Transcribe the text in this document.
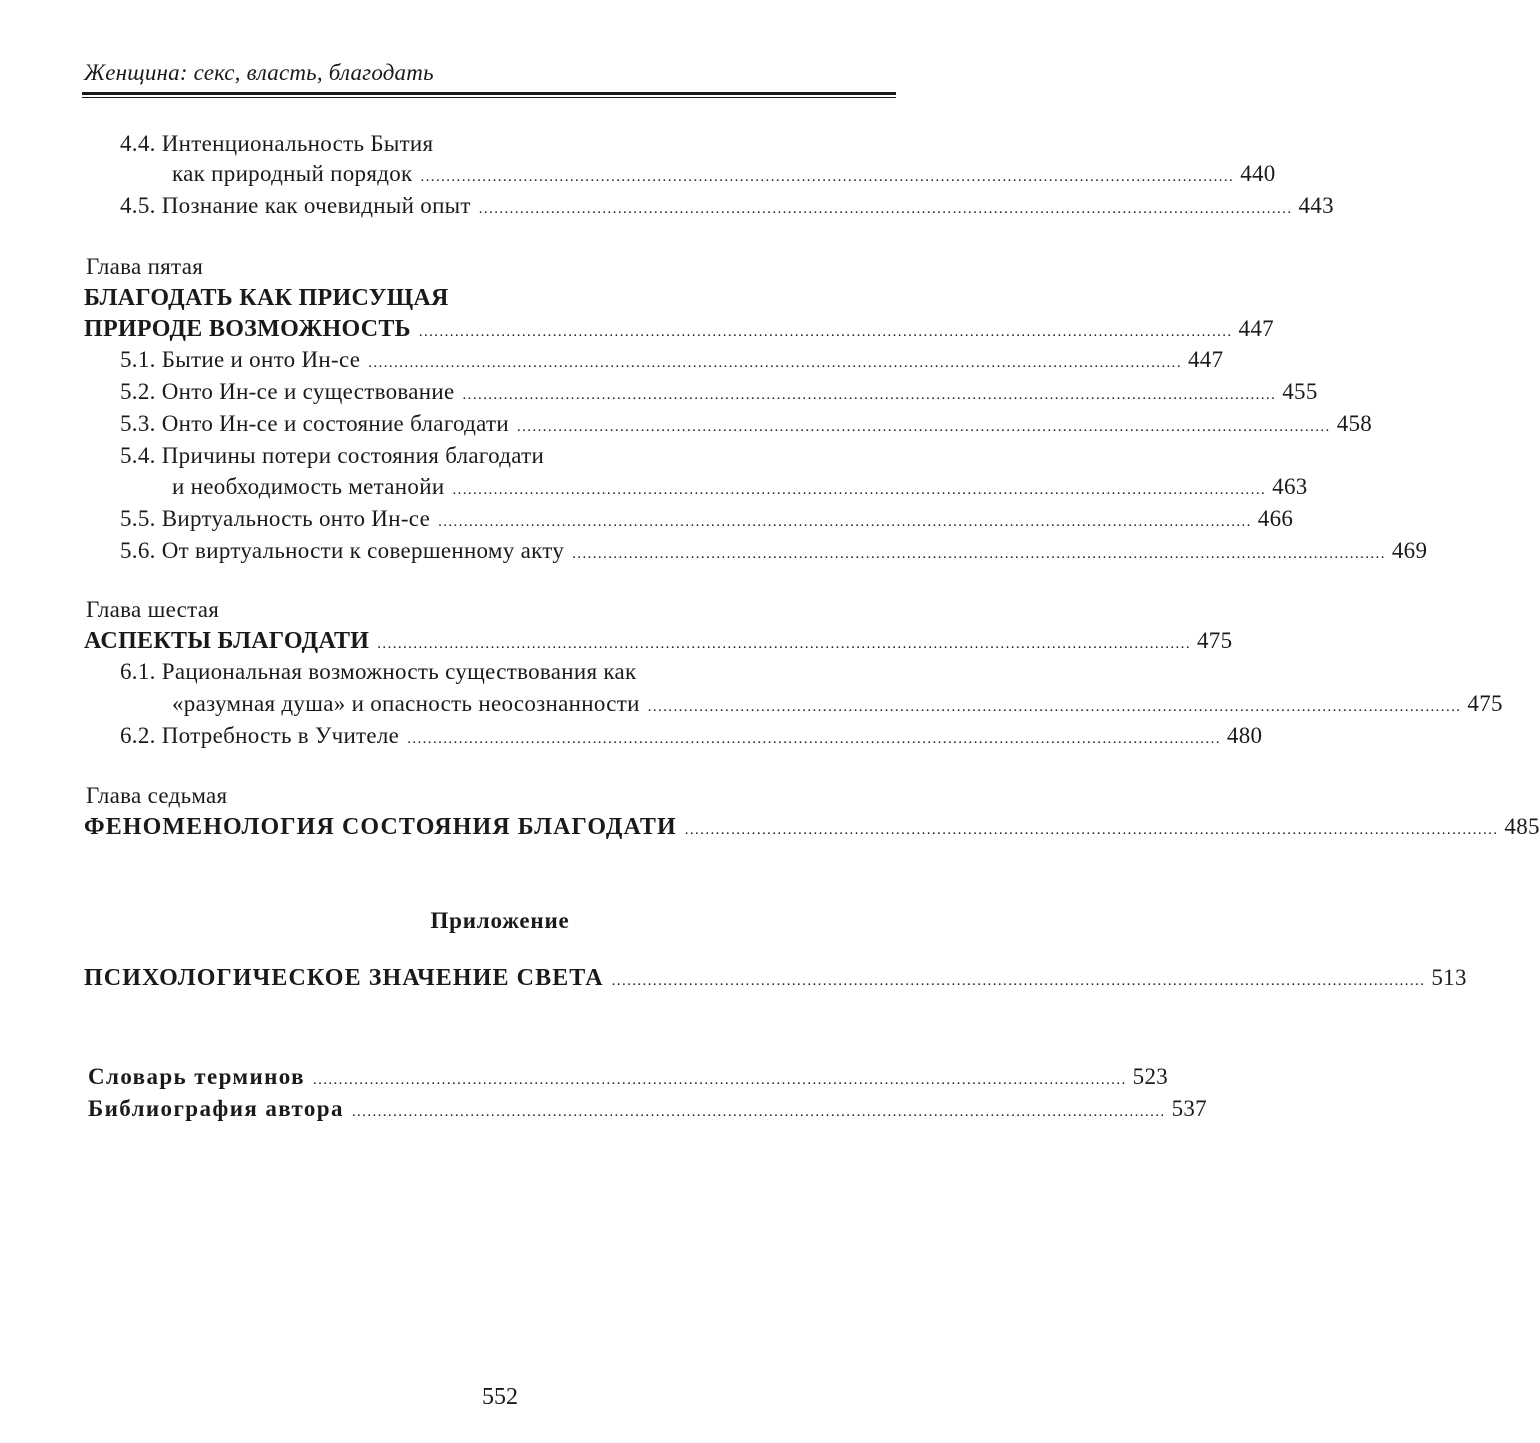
Женщина: секс, власть, благодать
4.4. Интенциональность Бытия
как природный порядок .............................................................................................................................................................. 440
4.5. Познание как очевидный опыт .............................................................................................................................................................. 443
Глава пятая
БЛАГОДАТЬ КАК ПРИСУЩАЯ
ПРИРОДЕ ВОЗМОЖНОСТЬ .............................................................................................................................................................. 447
5.1. Бытие и онто Ин-се .............................................................................................................................................................. 447
5.2. Онто Ин-се и существование .............................................................................................................................................................. 455
5.3. Онто Ин-се и состояние благодати .............................................................................................................................................................. 458
5.4. Причины потери состояния благодати
и необходимость метанойи .............................................................................................................................................................. 463
5.5. Виртуальность онто Ин-се .............................................................................................................................................................. 466
5.6. От виртуальности к совершенному акту .............................................................................................................................................................. 469
Глава шестая
АСПЕКТЫ БЛАГОДАТИ .............................................................................................................................................................. 475
6.1. Рациональная возможность существования как
«разумная душа» и опасность неосознанности .............................................................................................................................................................. 475
6.2. Потребность в Учителе .............................................................................................................................................................. 480
Глава седьмая
ФЕНОМЕНОЛОГИЯ СОСТОЯНИЯ БЛАГОДАТИ .............................................................................................................................................................. 485
Приложение
ПСИХОЛОГИЧЕСКОЕ ЗНАЧЕНИЕ СВЕТА .............................................................................................................................................................. 513
Словарь терминов .............................................................................................................................................................. 523
Библиография автора .............................................................................................................................................................. 537
552
